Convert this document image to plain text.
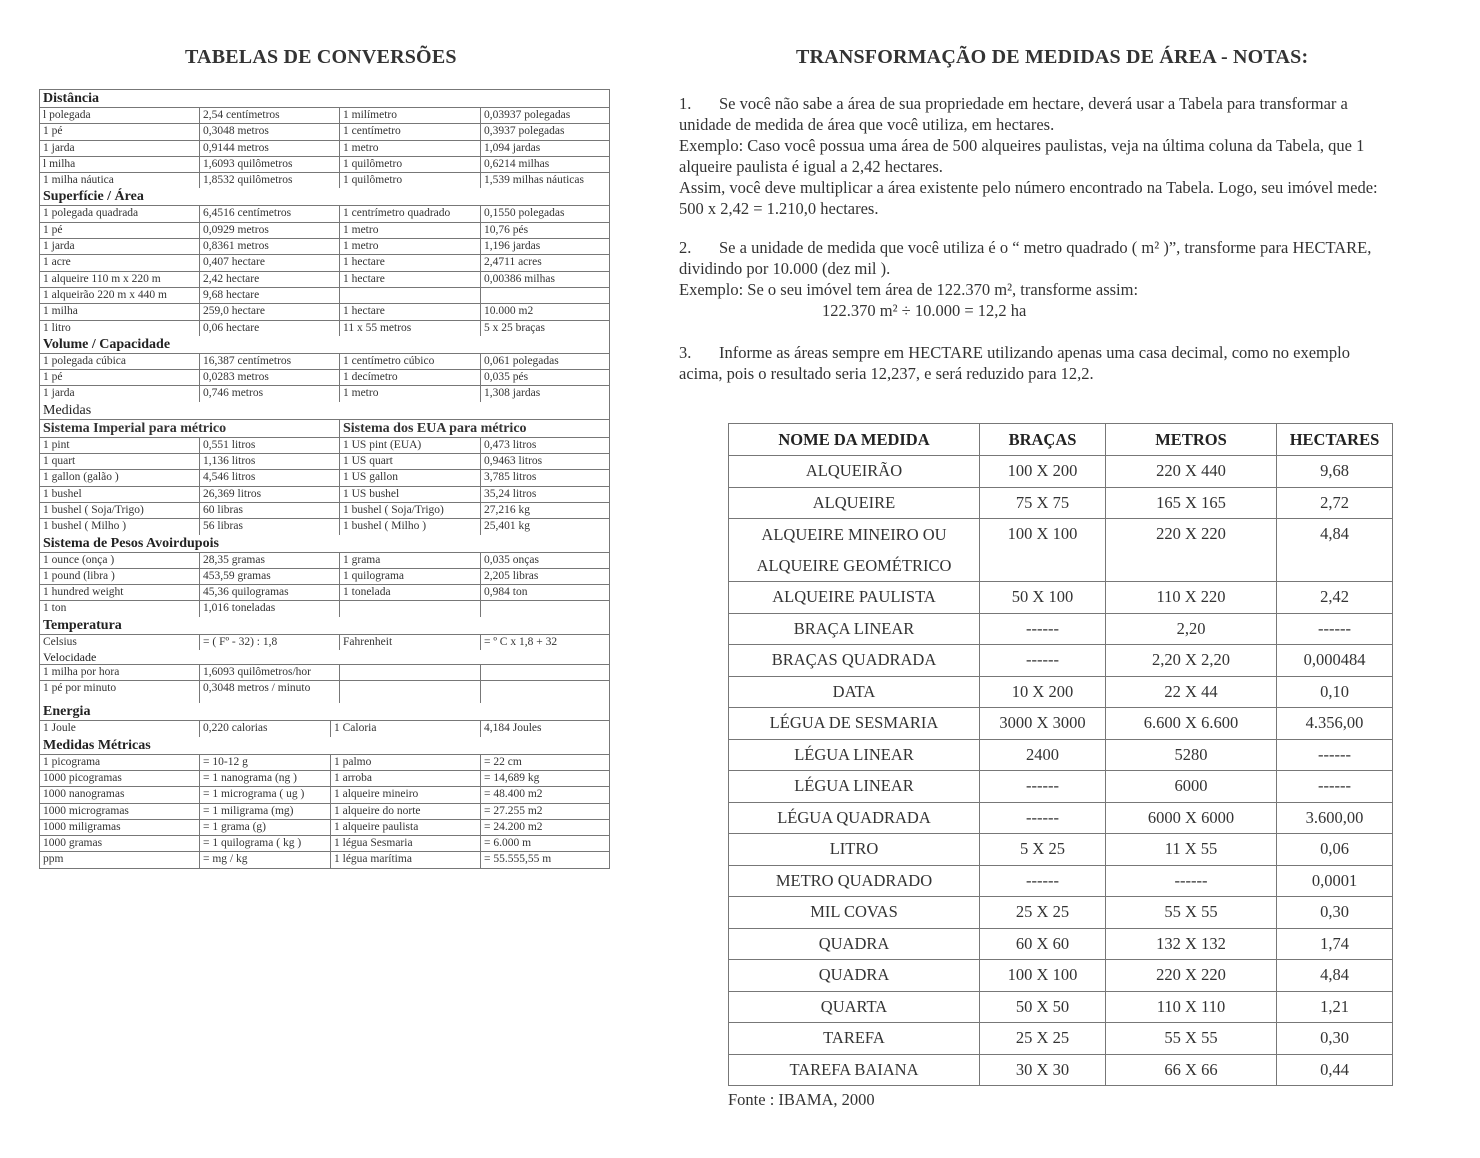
TABELAS DE CONVERSÕES	TRANSFORMAÇÃO DE MEDIDAS DE ÁREA - NOTAS:
Distância
l polegada	2,54 centímetros	1 milímetro	0,03937 polegadas
1 pé	0,3048 metros	1 centímetro	0,3937 polegadas
1 jarda	0,9144 metros	1 metro	1,094 jardas
l milha	1,6093 quilômetros	1 quilômetro	0,6214 milhas
1 milha náutica	1,8532 quilômetros	1 quilômetro	1,539 milhas náuticas
Superfície / Área
1 polegada quadrada	6,4516 centímetros	1 centrímetro quadrado	0,1550 polegadas
1 pé	0,0929 metros	1 metro	10,76 pés
1 jarda	0,8361 metros	1 metro	1,196 jardas
1 acre	0,407 hectare	1 hectare	2,4711 acres
1 alqueire 110 m x 220 m	2,42 hectare	1 hectare	0,00386 milhas
1 alqueirão 220 m x 440 m	9,68 hectare
1 milha	259,0 hectare	1 hectare	10.000 m2
1 litro	0,06 hectare	11 x 55 metros	5 x 25 braças
Volume / Capacidade
1 polegada cúbica	16,387 centímetros	1 centímetro cúbico	0,061 polegadas
1 pé	0,0283 metros	1 decímetro	0,035 pés
1 jarda	0,746 metros	1 metro	1,308 jardas
Medidas
Sistema Imperial para métrico	Sistema dos EUA para métrico
1 pint	0,551 litros	1 US pint (EUA)	0,473 litros
1 quart	1,136 litros	1 US quart	0,9463 litros
1 gallon (galão )	4,546 litros	1 US gallon	3,785 litros
1 bushel	26,369 litros	1 US bushel	35,24 litros
1 bushel ( Soja/Trigo)	60 libras	1 bushel ( Soja/Trigo)	27,216 kg
1 bushel ( Milho )	56 libras	1 bushel ( Milho )	25,401 kg
Sistema de Pesos Avoirdupois
1 ounce (onça )	28,35 gramas	1 grama	0,035 onças
1 pound (libra )	453,59 gramas	1 quilograma	2,205 libras
1 hundred weight	45,36 quilogramas	1 tonelada	0,984 ton
1 ton	1,016 toneladas
Temperatura
Celsius	= ( Fº - 32) : 1,8	Fahrenheit	= º C x 1,8 + 32
Velocidade
1 milha por hora	1,6093 quilômetros/hor
1 pé por minuto	0,3048 metros / minuto
Energia
1 Joule	0,220 calorias	1 Caloria	4,184 Joules
Medidas Métricas
1 picograma	= 10-12 g	1 palmo	= 22 cm
1000 picogramas	= 1 nanograma (ng )	1 arroba	= 14,689 kg
1000 nanogramas	= 1 micrograma ( ug )	1 alqueire mineiro	= 48.400 m2
1000 microgramas	= 1 miligrama (mg)	1 alqueire do norte	= 27.255 m2
1000 miligramas	= 1 grama (g)	1 alqueire paulista	= 24.200 m2
1000 gramas	= 1 quilograma ( kg )	1 légua Sesmaria	= 6.000 m
ppm	= mg / kg	1 légua marítima	= 55.555,55 m

1. Se você não sabe a área de sua propriedade em hectare, deverá usar a Tabela para transformar a

unidade de medida de área que você utiliza, em hectares.

Exemplo: Caso você possua uma área de 500 alqueires paulistas, veja na última coluna da Tabela, que 1

alqueire paulista é igual a 2,42 hectares.

Assim, você deve multiplicar a área existente pelo número encontrado na Tabela. Logo, seu imóvel mede:

500 x 2,42 = 1.210,0 hectares.

2. Se a unidade de medida que você utiliza é o “ metro quadrado ( m² )”, transforme para HECTARE,

dividindo por 10.000 (dez mil ).

Exemplo: Se o seu imóvel tem área de 122.370 m², transforme assim:

122.370 m² ÷ 10.000 = 12,2 ha

3. Informe as áreas sempre em HECTARE utilizando apenas uma casa decimal, como no exemplo

acima, pois o resultado seria 12,237, e será reduzido para 12,2.

NOME DA MEDIDA	BRAÇAS	METROS	HECTARES
ALQUEIRÃO	100 X 200	220 X 440	9,68
ALQUEIRE	75 X 75	165 X 165	2,72
ALQUEIRE MINEIRO OU ALQUEIRE GEOMÉTRICO	100 X 100	220 X 220	4,84
ALQUEIRE PAULISTA	50 X 100	110 X 220	2,42
BRAÇA LINEAR	------	2,20	------
BRAÇAS QUADRADA	------	2,20 X 2,20	0,000484
DATA	10 X 200	22 X 44	0,10
LÉGUA DE SESMARIA	3000 X 3000	6.600 X 6.600	4.356,00
LÉGUA LINEAR	2400	5280	------
LÉGUA LINEAR	------	6000	------
LÉGUA QUADRADA	------	6000 X 6000	3.600,00
LITRO	5 X 25	11 X 55	0,06
METRO QUADRADO	------	------	0,0001
MIL COVAS	25 X 25	55 X 55	0,30
QUADRA	60 X 60	132 X 132	1,74
QUADRA	100 X 100	220 X 220	4,84
QUARTA	50 X 50	110 X 110	1,21
TAREFA	25 X 25	55 X 55	0,30
TAREFA BAIANA	30 X 30	66 X 66	0,44
Fonte : IBAMA, 2000
